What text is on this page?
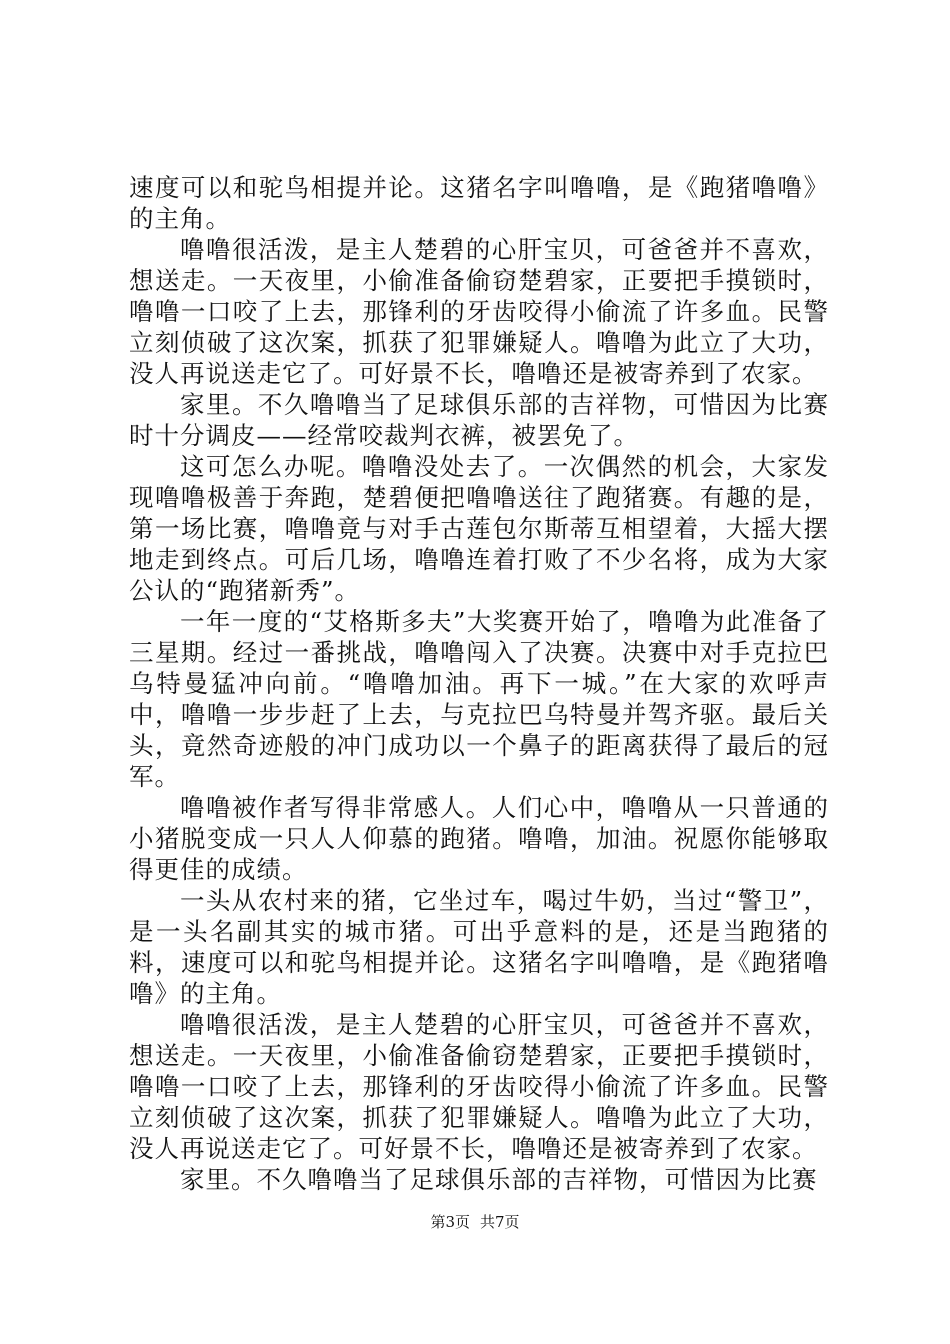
速度可以和驼鸟相提并论。这猪名字叫噜噜，是《跑猪噜噜》的主角。

噜噜很活泼，是主人楚碧的心肝宝贝，可爸爸并不喜欢，想送走。一天夜里，小偷准备偷窃楚碧家，正要把手摸锁时，噜噜一口咬了上去，那锋利的牙齿咬得小偷流了许多血。民警立刻侦破了这次案，抓获了犯罪嫌疑人。噜噜为此立了大功，没人再说送走它了。可好景不长，噜噜还是被寄养到了农家。

家里。不久噜噜当了足球俱乐部的吉祥物，可惜因为比赛时十分调皮——经常咬裁判衣裤，被罢免了。

这可怎么办呢。噜噜没处去了。一次偶然的机会，大家发现噜噜极善于奔跑，楚碧便把噜噜送往了跑猪赛。有趣的是，第一场比赛，噜噜竟与对手古莲包尔斯蒂互相望着，大摇大摆地走到终点。可后几场，噜噜连着打败了不少名将，成为大家公认的“跑猪新秀”。

一年一度的“艾格斯多夫”大奖赛开始了，噜噜为此准备了三星期。经过一番挑战，噜噜闯入了决赛。决赛中对手克拉巴乌特曼猛冲向前。“噜噜加油。再下一城。”在大家的欢呼声中，噜噜一步步赶了上去，与克拉巴乌特曼并驾齐驱。最后关头，竟然奇迹般的冲门成功以一个鼻子的距离获得了最后的冠军。

噜噜被作者写得非常感人。人们心中，噜噜从一只普通的小猪脱变成一只人人仰慕的跑猪。噜噜，加油。祝愿你能够取得更佳的成绩。

一头从农村来的猪，它坐过车，喝过牛奶，当过“警卫”，是一头名副其实的城市猪。可出乎意料的是，还是当跑猪的料，速度可以和驼鸟相提并论。这猪名字叫噜噜，是《跑猪噜噜》的主角。

噜噜很活泼，是主人楚碧的心肝宝贝，可爸爸并不喜欢，想送走。一天夜里，小偷准备偷窃楚碧家，正要把手摸锁时，噜噜一口咬了上去，那锋利的牙齿咬得小偷流了许多血。民警立刻侦破了这次案，抓获了犯罪嫌疑人。噜噜为此立了大功，没人再说送走它了。可好景不长，噜噜还是被寄养到了农家。

家里。不久噜噜当了足球俱乐部的吉祥物，可惜因为比赛

第3页 共7页
